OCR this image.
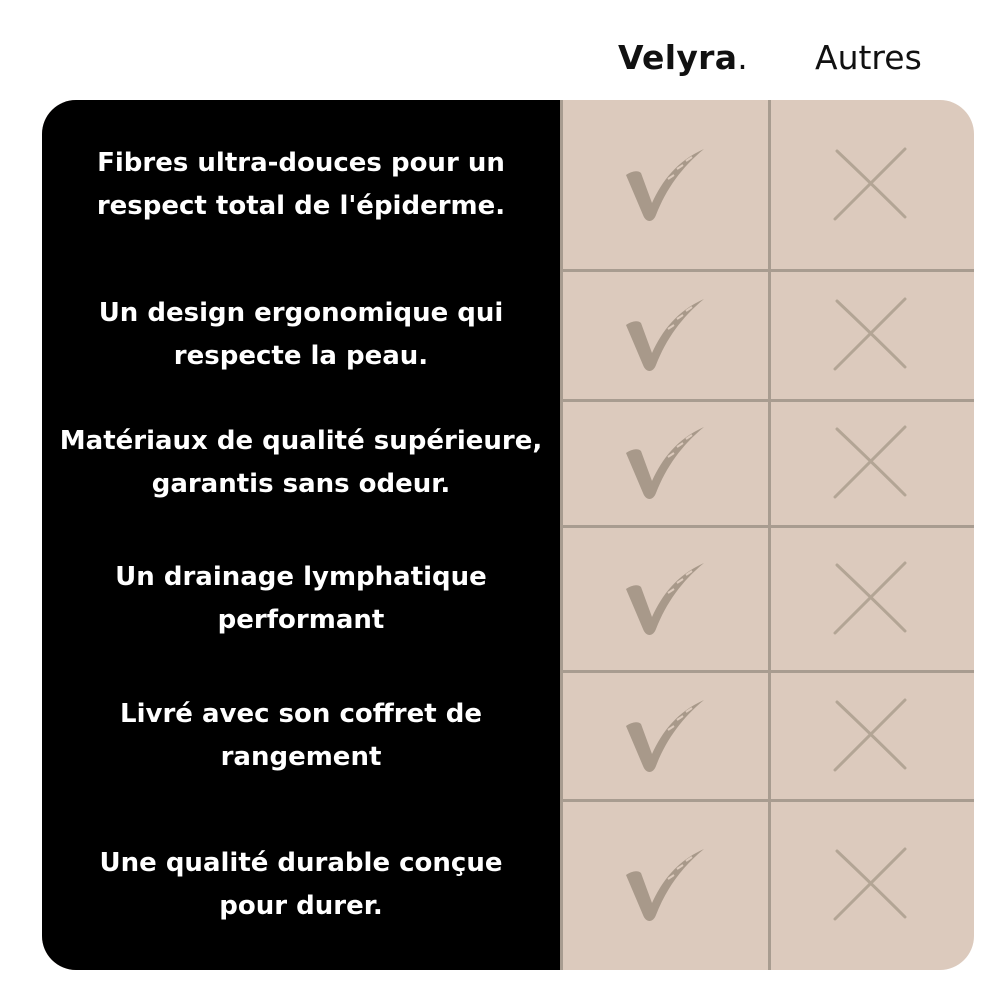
Velyra. Autres
Fibres ultra-douces pour un
respect total de l'épiderme.
Un design ergonomique qui
respecte la peau.
Matériaux de qualité supérieure,
garantis sans odeur.
Un drainage lymphatique
performant
Livré avec son coffret de
rangement
Une qualité durable conçue
pour durer.
